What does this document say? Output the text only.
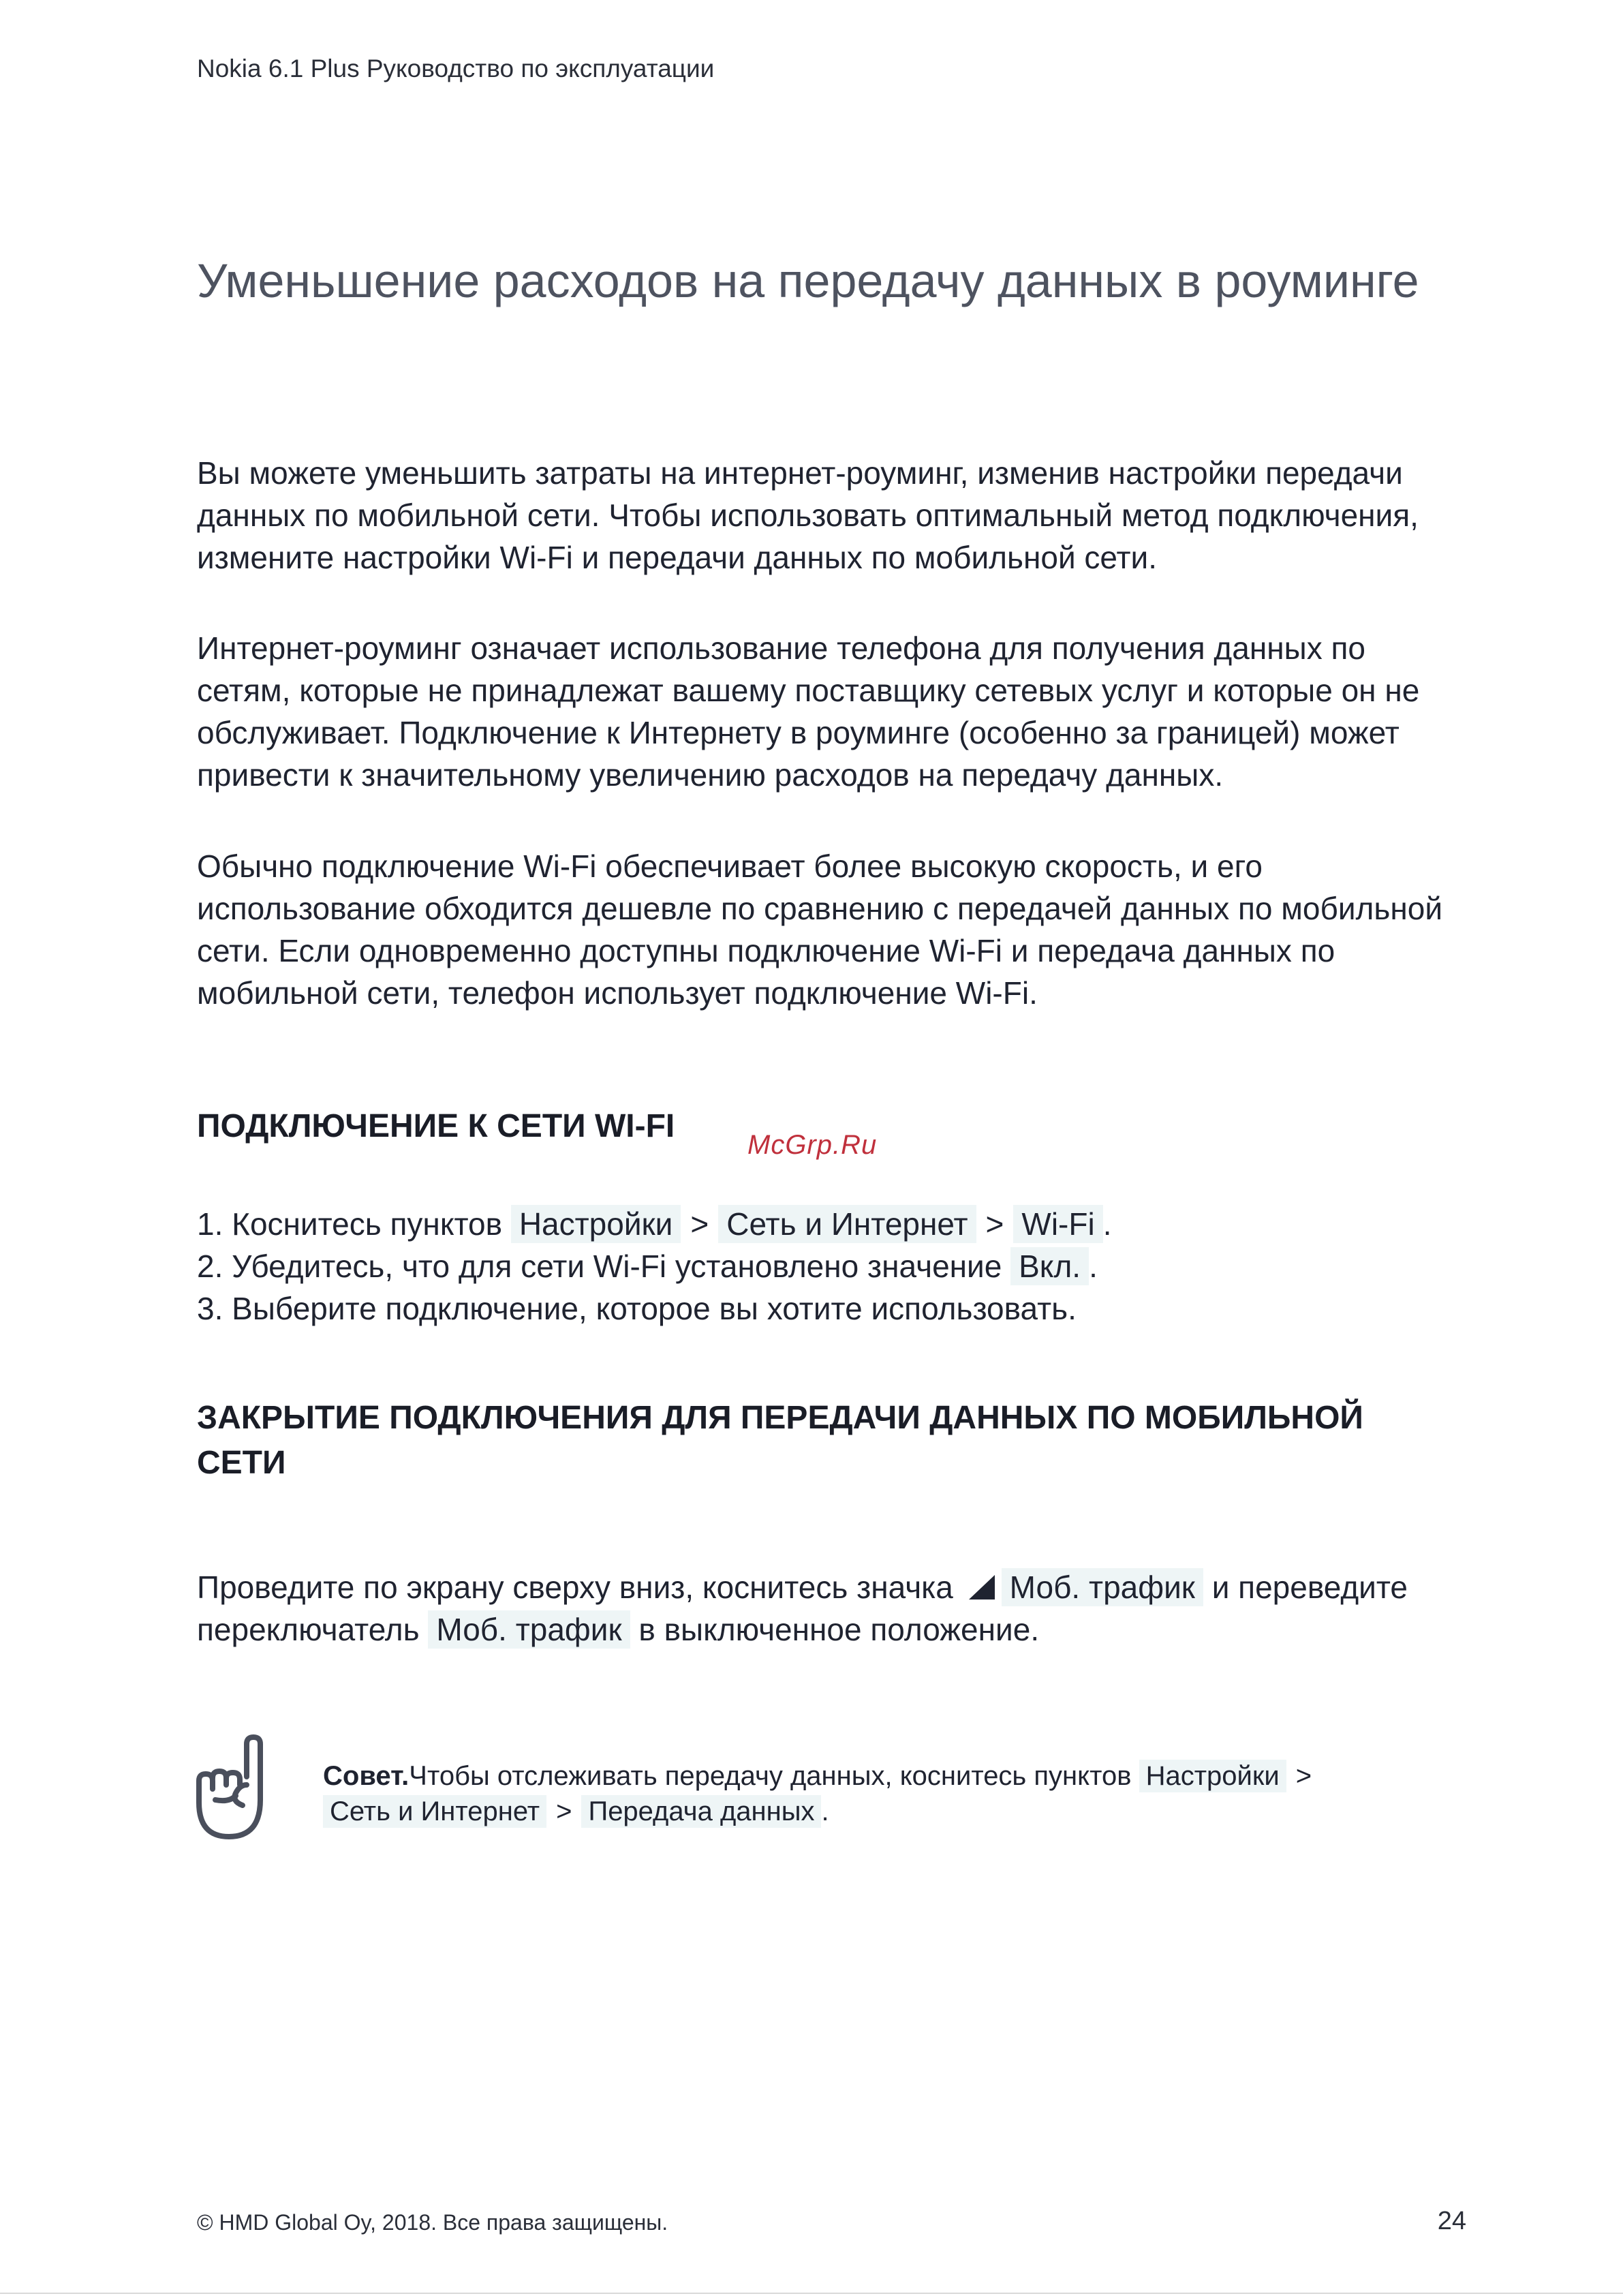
Nokia 6.1 Plus Руководство по эксплуатации
Уменьшение расходов на передачу данных в роуминге

Вы можете уменьшить затраты на интернет-роуминг, изменив настройки передачи данных по мобильной сети. Чтобы использовать оптимальный метод подключения, измените настройки Wi-Fi и передачи данных по мобильной сети.

Интернет-роуминг означает использование телефона для получения данных по сетям, которые не принадлежат вашему поставщику сетевых услуг и которые он не обслуживает. Подключение к Интернету в роуминге (особенно за границей) может привести к значительному увеличению расходов на передачу данных.

Обычно подключение Wi-Fi обеспечивает более высокую скорость, и его использование обходится дешевле по сравнению с передачей данных по мобильной сети. Если одновременно доступны подключение Wi-Fi и передача данных по мобильной сети, телефон использует подключение Wi-Fi.

ПОДКЛЮЧЕНИЕ К СЕТИ WI-FI
McGrp.Ru
1. Коснитесь пунктов Настройки > Сеть и Интернет > Wi-Fi .
2. Убедитесь, что для сети Wi-Fi установлено значение Вкл. .
3. Выберите подключение, которое вы хотите использовать.
ЗАКРЫТИЕ ПОДКЛЮЧЕНИЯ ДЛЯ ПЕРЕДАЧИ ДАННЫХ ПО МОБИЛЬНОЙ СЕТИ

Проведите по экрану сверху вниз, коснитесь значка Моб. трафик и переведите переключатель Моб. трафик в выключенное положение.

Совет.Чтобы отслеживать передачу данных, коснитесь пунктов Настройки >Сеть и Интернет > Передача данных .

© HMD Global Oy, 2018. Все права защищены.	24
